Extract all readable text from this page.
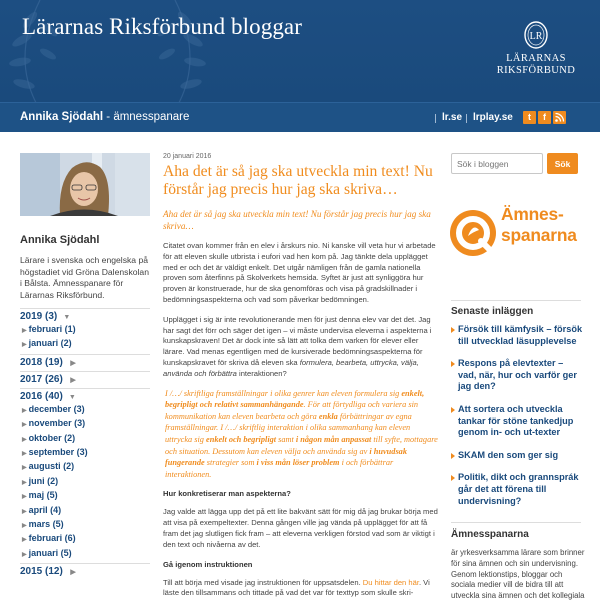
Lärarnas Riksförbund bloggar	LR
LÄRARNAS
RIKSFÖRBUND
Annika Sjödahl - ämnesspanare	lr.se lrplay.se	t	f
Annika Sjödahl
Lärare i svenska och engelska på högstadiet vid Gröna Dalenskolan i Bålsta. Ämnesspanare för Lärarnas Riksförbund.
2019 (3) ▼
▶ februari (1)
▶ januari (2)
2018 (19) ▶
2017 (26) ▶
2016 (40) ▼
▶ december (3)
▶ november (3)
▶ oktober (2)
▶ september (3)
▶ augusti (2)
▶ juni (2)
▶ maj (5)
▶ april (4)
▶ mars (5)
▶ februari (6)
▶ januari (5)
2015 (12) ▶
20 januari 2016
Aha det är så jag ska utveckla min text! Nu förstår jag precis hur jag ska skriva…
Aha det är så jag ska utveckla min text! Nu förstår jag precis hur jag ska skriva…
Citatet ovan kommer från en elev i årskurs nio. Ni kanske vill veta hur vi arbetade för att eleven skulle utbrista i eufori vad hen kom på. Jag tänkte dela upplägget med er och det är väldigt enkelt. Det utgår nämligen från de gamla nationella proven som återfinns på Skolverkets hemsida. Syftet är just att synliggöra hur proven är konstruerade, hur de ska genomföras och visa på gradskillnader i bedömningsaspekterna och vad som påverkar bedömningen.
Upplägget i sig är inte revolutionerande men för just denna elev var det det. Jag har sagt det förr och säger det igen – vi måste undervisa eleverna i aspekterna i kunskapskraven! Det är dock inte så lätt att tolka dem varken för elever eller lärare. Vad menas egentligen med de kursiverade bedömningsaspekterna för kunskapskravet för skriva då eleven ska formulera, bearbeta, uttrycka, välja, använda och förbättra interaktionen?
I /…/ skriftliga framställningar i olika genrer kan eleven formulera sig enkelt, begripligt och relativt sammanhängande. För att förtydliga och variera sin kommunikation kan eleven bearbeta och göra enkla förbättringar av egna framställningar. I /…/ skriftlig interaktion i olika sammanhang kan eleven uttrycka sig enkelt och begripligt samt i någon mån anpassat till syfte, mottagare och situation. Dessutom kan eleven välja och använda sig av i huvudsak fungerande strategier som i viss mån löser problem i och förbättrar interaktionen.
Hur konkretiserar man aspekterna?
Jag valde att lägga upp det på ett lite bakvänt sätt för mig då jag brukar börja med att visa på exempeltexter. Denna gången ville jag vända på upplägget för att få fram det jag slutligen fick fram – att eleverna verkligen förstod vad som är viktigt i den text och nivåerna av det.
Gå igenom instruktionen
Till att börja med visade jag instruktionen för uppsatsdelen. Du hittar den här. Vi läste den tillsammans och tittade på vad det var för texttyp som skulle skri-
Sök i bloggen
Sök
Ämnes-
spanarna
Senaste inläggen
Försök till kämfysik – försök till utvecklad läsupplevelse
Respons på elevtexter – vad, när, hur och varför ger jag den?
Att sortera och utveckla tankar för stöne tankedjup genom in- och ut-texter
SKAM den som ger sig
Politik, dikt och grannsprák går det att förena till undervisning?
Ämnesspanarna
är yrkesverksamma lärare som brinner för sina ämnen och sin undervisning. Genom lektionstips, bloggar och sociala medier vill de bidra till att utveckla sina ämnen och det kollegiala
